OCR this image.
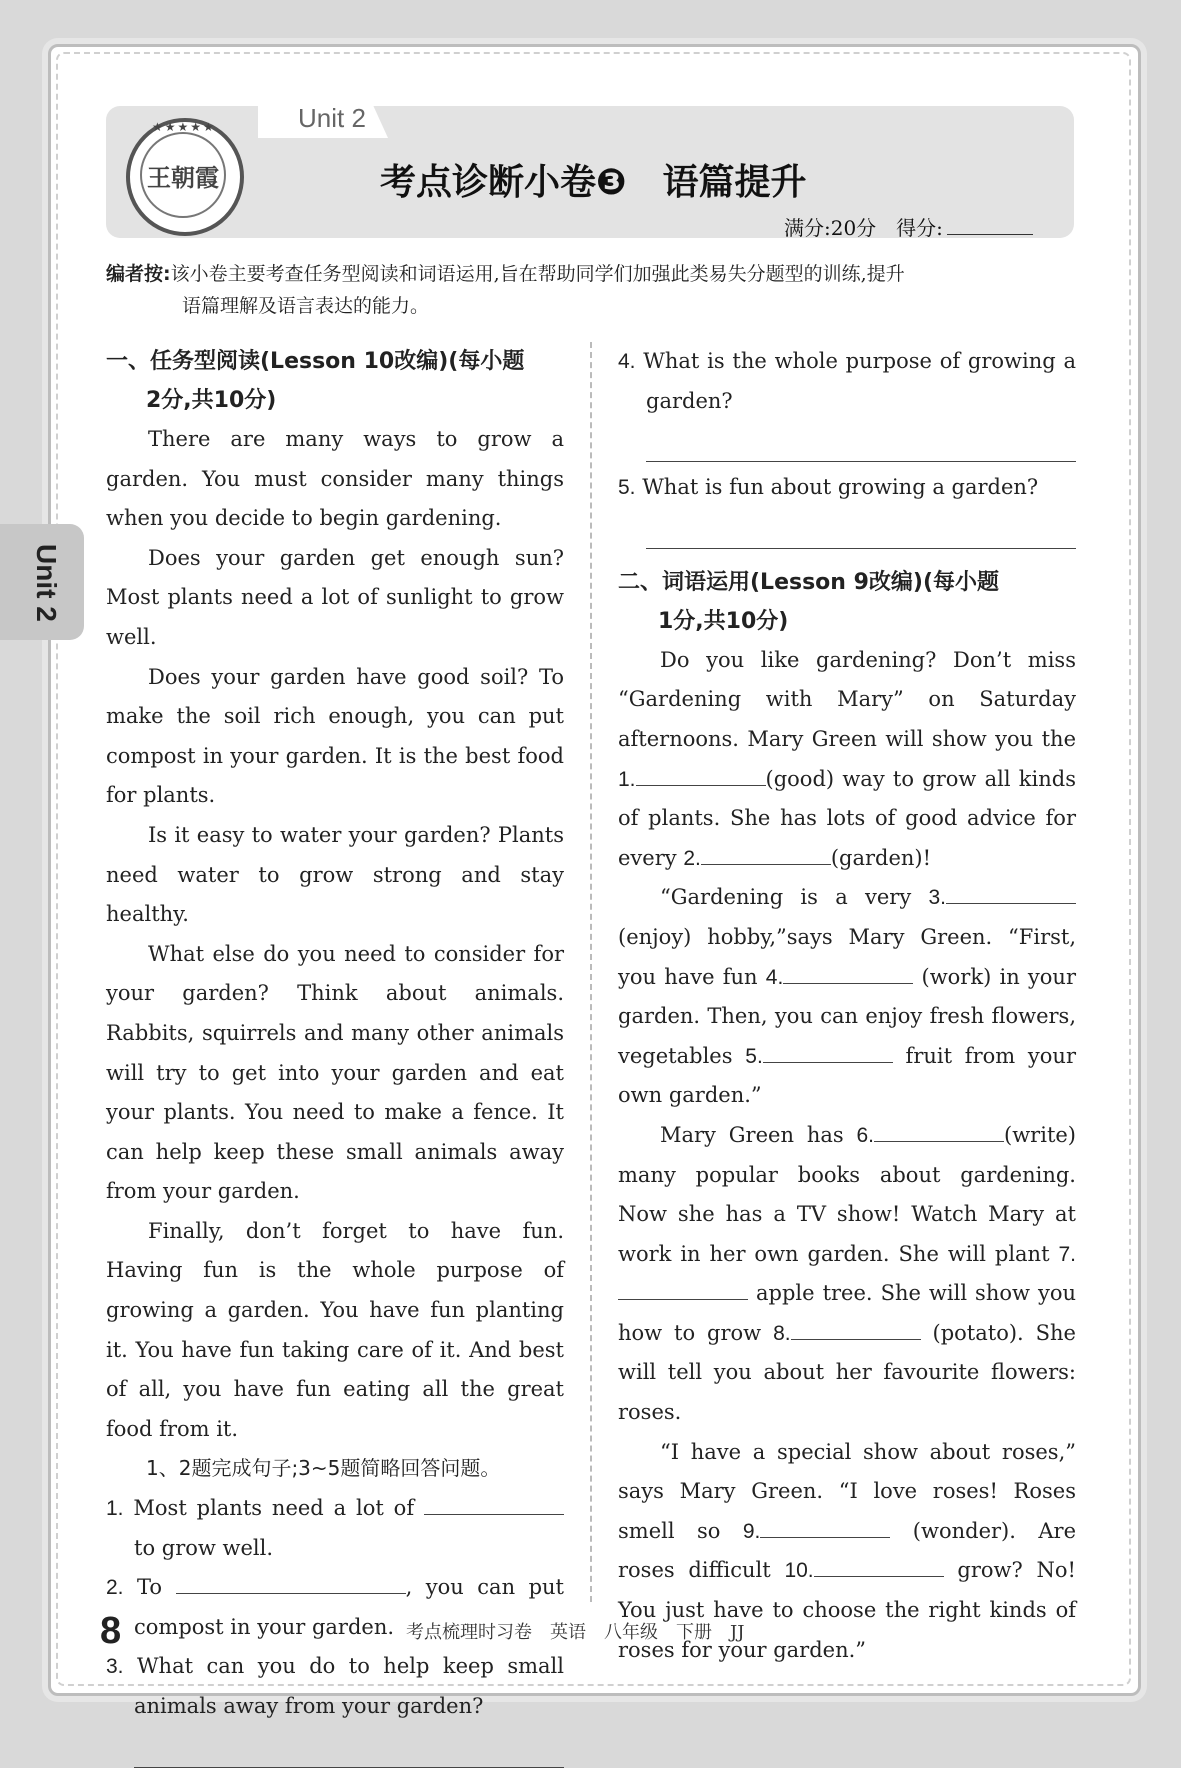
Unit 2
★★★★★
王朝霞	考点诊断小卷❸　语篇提升
满分:20分　得分:
Unit 2
编者按:该小卷主要考查任务型阅读和词语运用,旨在帮助同学们加强此类易失分题型的训练,提升
语篇理解及语言表达的能力。
一、任务型阅读(Lesson 10改编)(每小题
2分,共10分)

There are many ways to grow a garden. You must consider many things when you decide to begin gardening.

Does your garden get enough sun? Most plants need a lot of sunlight to grow well.

Does your garden have good soil? To make the soil rich enough, you can put compost in your garden. It is the best food for plants.

Is it easy to water your garden? Plants need water to grow strong and stay healthy.

What else do you need to consider for your garden? Think about animals. Rabbits, squirrels and many other animals will try to get into your garden and eat your plants. You need to make a fence. It can help keep these small animals away from your garden.

Finally, don’t forget to have fun. Having fun is the whole purpose of growing a garden. You have fun planting it. You have fun taking care of it. And best of all, you have fun eating all the great food from it.

1、2题完成句子;3~5题简略回答问题。

1. Most plants need a lot of  to grow well.

2. To	, you can put compost in your garden.

3. What can you do to help keep small animals away from your garden?

4. What is the whole purpose of growing a garden?

5. What is fun about growing a garden?

二、词语运用(Lesson 9改编)(每小题
1分,共10分)

Do you like gardening? Don’t miss “Gardening with Mary” on Saturday afternoons. Mary Green will show you the 1.	(good) way to grow all kinds of plants. She has lots of good advice for every 2.	(garden)!

“Gardening is a very 3. (enjoy) hobby,”says Mary Green. “First, you have fun 4.	(work) in your garden. Then, you can enjoy fresh flowers, vegetables 5.	fruit from your own garden.”

Mary Green has 6.	(write) many popular books about gardening. Now she has a TV show! Watch Mary at work in her own garden. She will plant 7. apple tree. She will show you how to grow 8.	(potato). She will tell you about her favourite flowers: roses.

“I have a special show about roses,” says Mary Green. “I love roses! Roses smell so 9.	(wonder). Are roses difficult 10.	grow? No! You just have to choose the right kinds of roses for your garden.”

8	考点梳理时习卷　英语　八年级　下册　JJ
